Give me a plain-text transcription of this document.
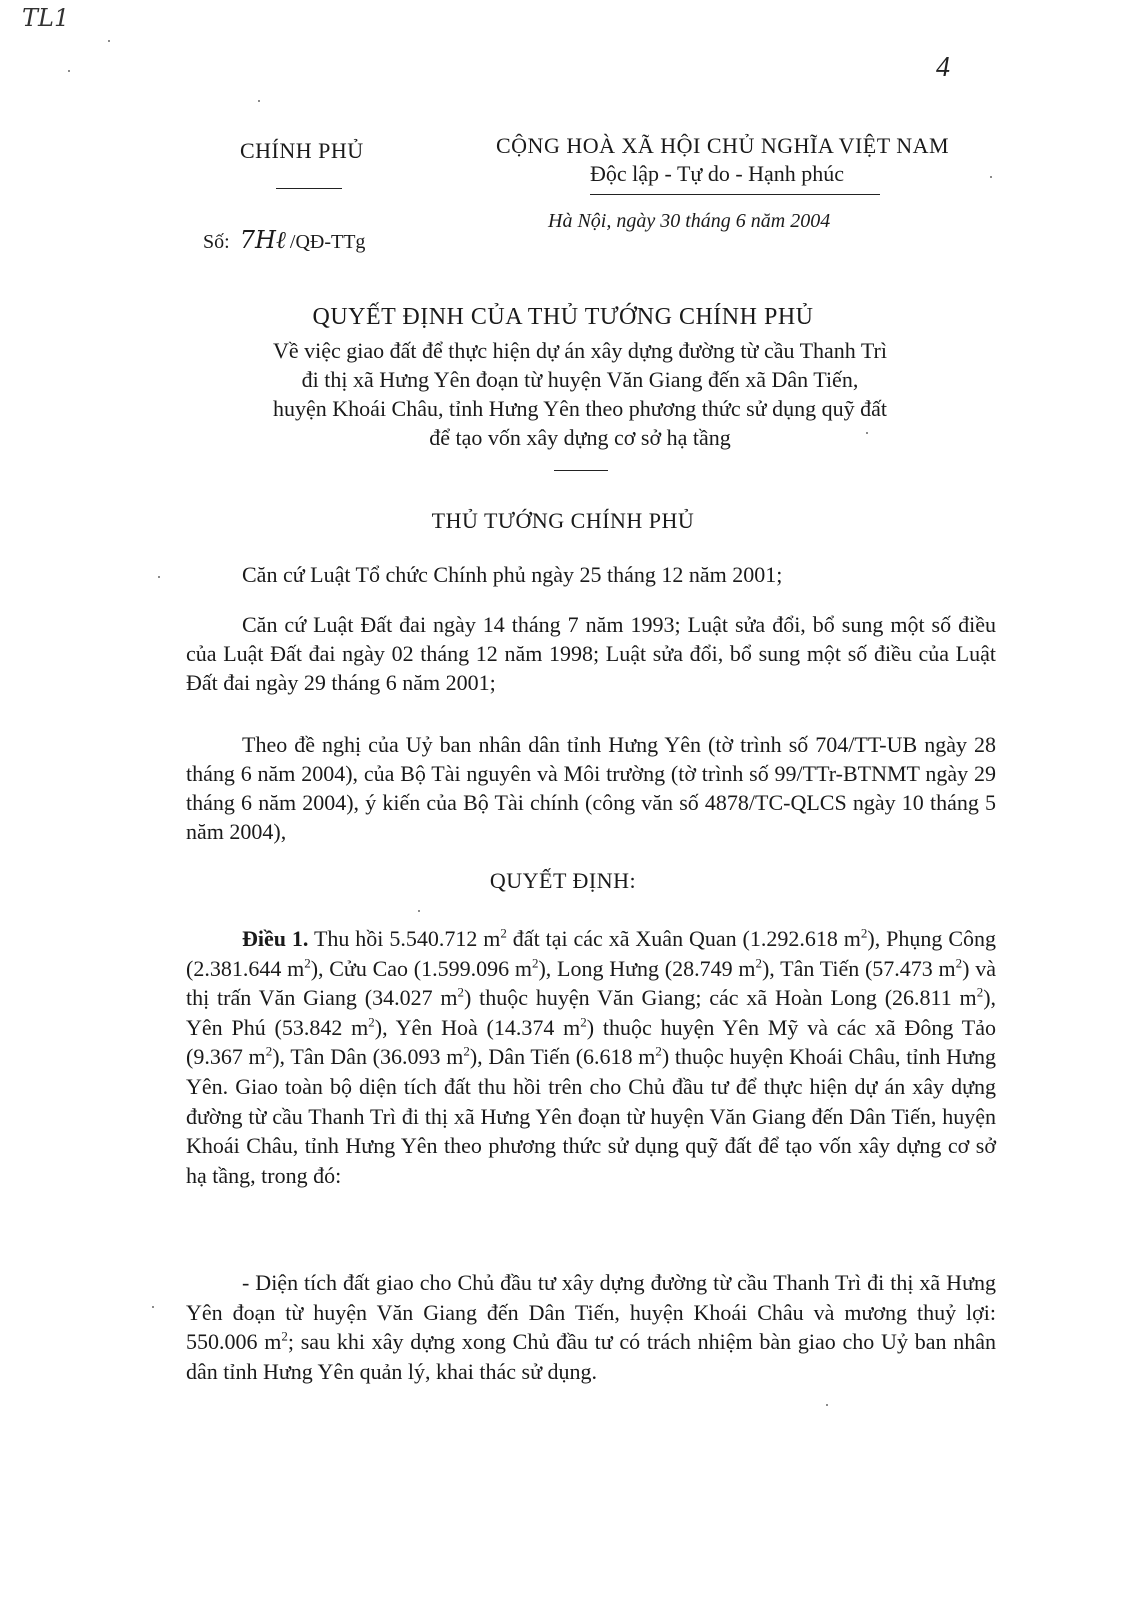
TL1
4
CHÍNH PHỦ
Số: 7Hℓ /QĐ-TTg
CỘNG HOÀ XÃ HỘI CHỦ NGHĨA VIỆT NAM
Độc lập - Tự do - Hạnh phúc
Hà Nội, ngày 30 tháng 6 năm 2004
QUYẾT ĐỊNH CỦA THỦ TƯỚNG CHÍNH PHỦ
Về việc giao đất để thực hiện dự án xây dựng đường từ cầu Thanh Trì
đi thị xã Hưng Yên đoạn từ huyện Văn Giang đến xã Dân Tiến,
huyện Khoái Châu, tỉnh Hưng Yên theo phương thức sử dụng quỹ đất
để tạo vốn xây dựng cơ sở hạ tầng
THỦ TƯỚNG CHÍNH PHỦ
Căn cứ Luật Tổ chức Chính phủ ngày 25 tháng 12 năm 2001;
Căn cứ Luật Đất đai ngày 14 tháng 7 năm 1993; Luật sửa đổi, bổ sung một số điều của Luật Đất đai ngày 02 tháng 12 năm 1998; Luật sửa đổi, bổ sung một số điều của Luật Đất đai ngày 29 tháng 6 năm 2001;
Theo đề nghị của Uỷ ban nhân dân tỉnh Hưng Yên (tờ trình số 704/TT-UB ngày 28 tháng 6 năm 2004), của Bộ Tài nguyên và Môi trường (tờ trình số 99/TTr-BTNMT ngày 29 tháng 6 năm 2004), ý kiến của Bộ Tài chính (công văn số 4878/TC-QLCS ngày 10 tháng 5 năm 2004),
QUYẾT ĐỊNH:
Điều 1. Thu hồi 5.540.712 $m^2$ đất tại các xã Xuân Quan (1.292.618 $m^2$), Phụng Công (2.381.644 $m^2$), Cửu Cao (1.599.096 $m^2$), Long Hưng (28.749 $m^2$), Tân Tiến (57.473 $m^2$) và thị trấn Văn Giang (34.027 $m^2$) thuộc huyện Văn Giang; các xã Hoàn Long (26.811 $m^2$), Yên Phú (53.842 $m^2$), Yên Hoà (14.374 $m^2$) thuộc huyện Yên Mỹ và các xã Đông Tảo (9.367 $m^2$), Tân Dân (36.093 $m^2$), Dân Tiến (6.618 $m^2$) thuộc huyện Khoái Châu, tỉnh Hưng Yên. Giao toàn bộ diện tích đất thu hồi trên cho Chủ đầu tư để thực hiện dự án xây dựng đường từ cầu Thanh Trì đi thị xã Hưng Yên đoạn từ huyện Văn Giang đến Dân Tiến, huyện Khoái Châu, tỉnh Hưng Yên theo phương thức sử dụng quỹ đất để tạo vốn xây dựng cơ sở hạ tầng, trong đó:
- Diện tích đất giao cho Chủ đầu tư xây dựng đường từ cầu Thanh Trì đi thị xã Hưng Yên đoạn từ huyện Văn Giang đến Dân Tiến, huyện Khoái Châu và mương thuỷ lợi: 550.006 $m^2$; sau khi xây dựng xong Chủ đầu tư có trách nhiệm bàn giao cho Uỷ ban nhân dân tỉnh Hưng Yên quản lý, khai thác sử dụng.
